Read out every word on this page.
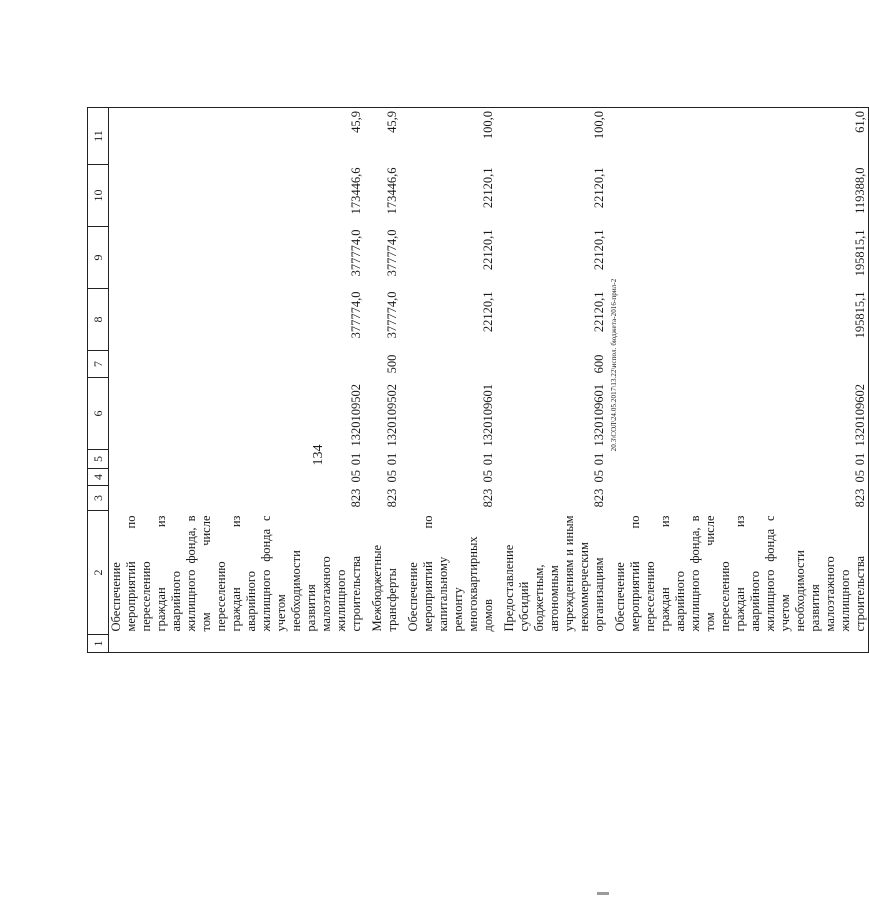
134
20.3\СОЛ\24.05.2017\13.22\испол. бюджета-2016-прил-2
1	2	3	4	5	6	7	8	9	10	11
	Обеспечение мероприятий по переселению граждан из аварийного жилищного фонда, в том числе переселению граждан из аварийного жилищного фонда с учетом необходимости развития малоэтажного жилищного строительства	823	05	01	1320109502		377774,0	377774,0	173446,6	45,9

	Межбюджетные трансферты	823	05	01	1320109502	500	377774,0	377774,0	173446,6	45,9

	Обеспечение мероприятий по капитальному ремонту многоквартирных домов	823	05	01	1320109601		22120,1	22120,1	22120,1	100,0

	Предоставление субсидий бюджетным, автономным учреждениям и иным некоммерческим организациям	823	05	01	1320109601	600	22120,1	22120,1	22120,1	100,0

	Обеспечение мероприятий по переселению граждан из аварийного жилищного фонда, в том числе переселению граждан из аварийного жилищного фонда с учетом необходимости развития малоэтажного жилищного строительства	823	05	01	1320109602		195815,1	195815,1	119388,0	61,0
